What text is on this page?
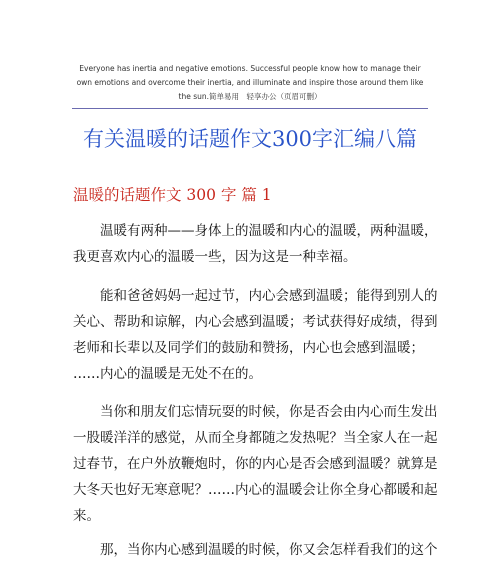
Everyone has inertia and negative emotions. Successful people know how to manage their own emotions and overcome their inertia, and illuminate and inspire those around them like the sun.简单易用　轻享办公（页眉可删）

有关温暖的话题作文300字汇编八篇
温暖的话题作文 300 字 篇 1

　　温暖有两种——身体上的温暖和内心的温暖，两种温暖，
我更喜欢内心的温暖一些，因为这是一种幸福。

　　能和爸爸妈妈一起过节，内心会感到温暖；能得到别人的
关心、帮助和谅解，内心会感到温暖；考试获得好成绩，得到
老师和长辈以及同学们的鼓励和赞扬，内心也会感到温暖；
……内心的温暖是无处不在的。

　　当你和朋友们忘情玩耍的时候，你是否会由内心而生发出
一股暖洋洋的感觉，从而全身都随之发热呢？当全家人在一起
过春节，在户外放鞭炮时，你的内心是否会感到温暖？就算是
大冬天也好无寒意呢？……内心的温暖会让你全身心都暖和起
来。

　　那，当你内心感到温暖的时候，你又会怎样看我们的这个
